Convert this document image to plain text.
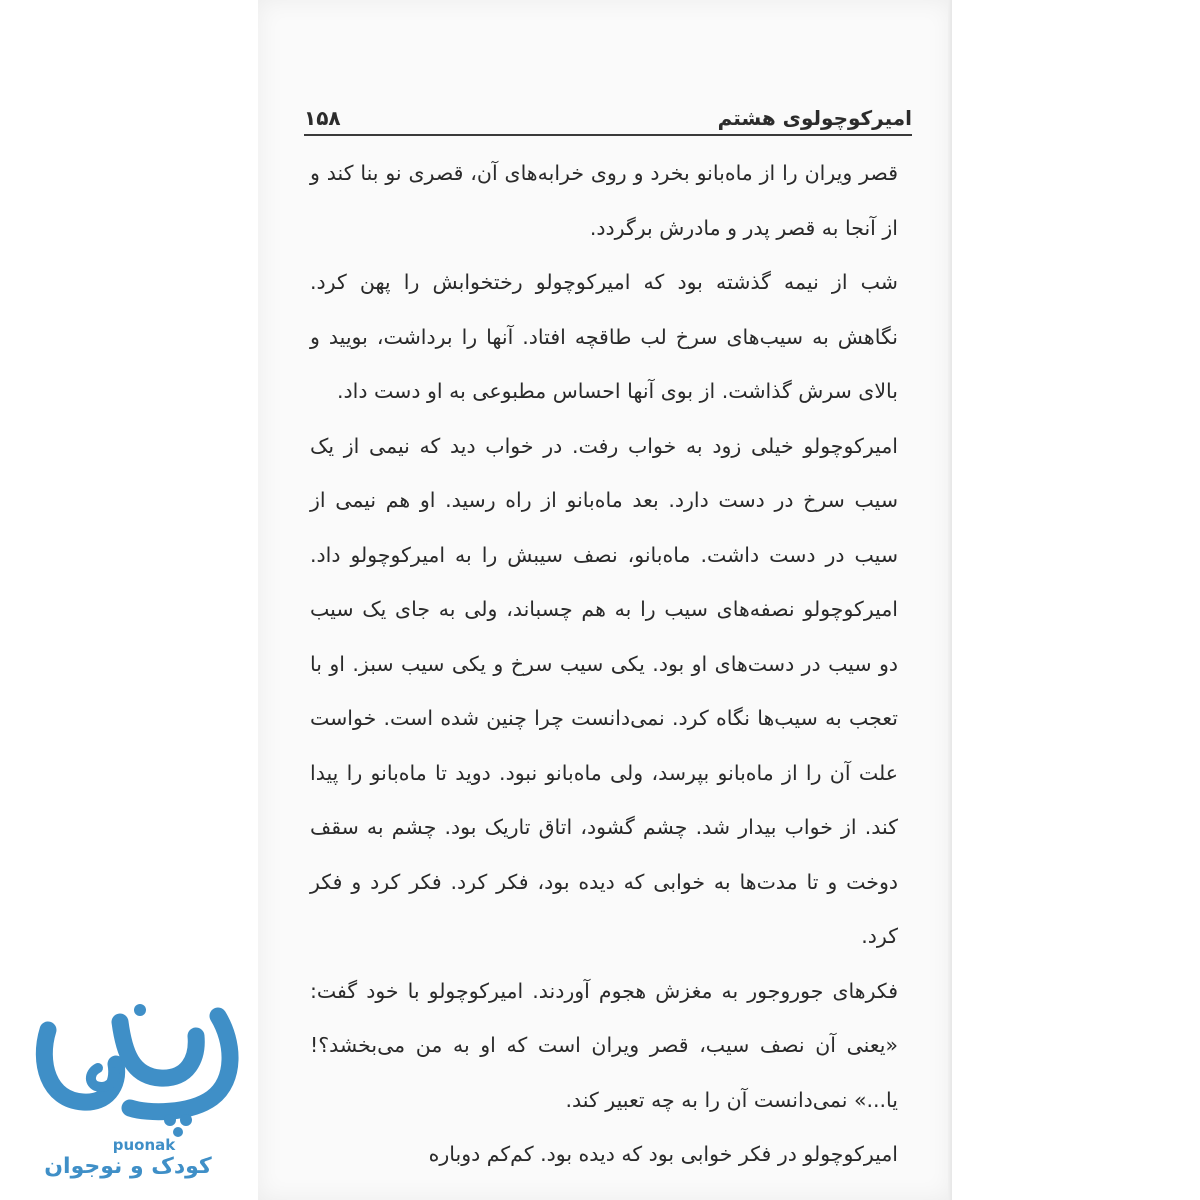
امیرکوچولوی هشتم
۱۵۸

قصر ویران را از ماه‌بانو بخرد و روی خرابه‌های آن، قصری نو بنا کند و از آنجا به قصر پدر و مادرش برگردد.

شب از نیمه گذشته بود که امیرکوچولو رختخوابش را پهن کرد. نگاهش به سیب‌های سرخ لب طاقچه افتاد. آنها را برداشت، بویید و بالای سرش گذاشت. از بوی آنها احساس مطبوعی به او دست داد.

امیرکوچولو خیلی زود به خواب رفت. در خواب دید که نیمی از یک سیب سرخ در دست دارد. بعد ماه‌بانو از راه رسید. او هم نیمی از سیب در دست داشت. ماه‌بانو، نصف سیبش را به امیرکوچولو داد. امیرکوچولو نصفه‌های سیب را به هم چسباند، ولی به جای یک سیب دو سیب در دست‌های او بود. یکی سیب سرخ و یکی سیب سبز. او با تعجب به سیب‌ها نگاه کرد. نمی‌دانست چرا چنین شده است. خواست علت آن را از ماه‌بانو بپرسد، ولی ماه‌بانو نبود. دوید تا ماه‌بانو را پیدا کند. از خواب بیدار شد. چشم گشود، اتاق تاریک بود. چشم به سقف دوخت و تا مدت‌ها به خوابی که دیده بود، فکر کرد. فکر کرد و فکر کرد.

فکرهای جوروجور به مغزش هجوم آوردند. امیرکوچولو با خود گفت: «یعنی آن نصف سیب، قصر ویران است که او به من می‌بخشد؟! یا...» نمی‌دانست آن را به چه تعبیر کند.

امیرکوچولو در فکر خوابی بود که دیده بود. کم‌کم دوباره

puonak
کودک و نوجوان
